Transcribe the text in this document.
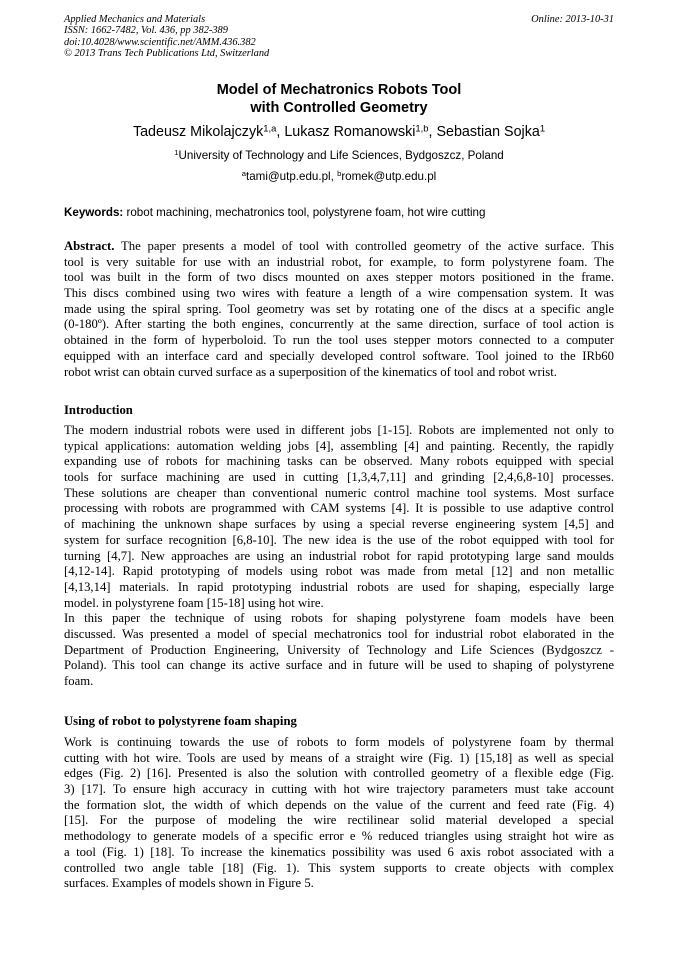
Applied Mechanics and Materials
ISSN: 1662-7482, Vol. 436, pp 382-389
doi:10.4028/www.scientific.net/AMM.436.382
© 2013 Trans Tech Publications Ltd, Switzerland
Online: 2013-10-31
Model of Mechatronics Robots Tool
with Controlled Geometry
Tadeusz Mikolajczyk$^{1,a}$, Lukasz Romanowski$^{1,b}$, Sebastian Sojka$^1$
$^1$University of Technology and Life Sciences, Bydgoszcz, Poland
$^a$tami@utp.edu.pl, $^b$romek@utp.edu.pl
Keywords: robot machining, mechatronics tool, polystyrene foam, hot wire cutting
Abstract. The paper presents a model of tool with controlled geometry of the active surface. This
tool is very suitable for use with an industrial robot, for example, to form polystyrene foam. The
tool was built in the form of two discs mounted on axes stepper motors positioned in the frame.
This discs combined using two wires with feature a length of a wire compensation system. It was
made using the spiral spring. Tool geometry was set by rotating one of the discs at a specific angle
(0-180º). After starting the both engines, concurrently at the same direction, surface of tool action is
obtained in the form of hyperboloid. To run the tool uses stepper motors connected to a computer
equipped with an interface card and specially developed control software. Tool joined to the IRb60
robot wrist can obtain curved surface as a superposition of the kinematics of tool and robot wrist.
Introduction
The modern industrial robots were used in different jobs [1-15]. Robots are implemented not only to
typical applications: automation welding jobs [4], assembling [4] and painting. Recently, the rapidly
expanding use of robots for machining tasks can be observed. Many robots equipped with special
tools for surface machining are used in cutting [1,3,4,7,11] and grinding [2,4,6,8-10] processes.
These solutions are cheaper than conventional numeric control machine tool systems. Most surface
processing with robots are programmed with CAM systems [4]. It is possible to use adaptive control
of machining the unknown shape surfaces by using a special reverse engineering system [4,5] and
system for surface recognition [6,8-10]. The new idea is the use of the robot equipped with tool for
turning [4,7]. New approaches are using an industrial robot for rapid prototyping large sand moulds
[4,12-14]. Rapid prototyping of models using robot was made from metal [12] and non metallic
[4,13,14] materials. In rapid prototyping industrial robots are used for shaping, especially large
model. in polystyrene foam [15-18] using hot wire.
In this paper the technique of using robots for shaping polystyrene foam models have been
discussed. Was presented a model of special mechatronics tool for industrial robot elaborated in the
Department of Production Engineering, University of Technology and Life Sciences (Bydgoszcz -
Poland). This tool can change its active surface and in future will be used to shaping of polystyrene
foam.
Using of robot to polystyrene foam shaping
Work is continuing towards the use of robots to form models of polystyrene foam by thermal
cutting with hot wire. Tools are used by means of a straight wire (Fig. 1) [15,18] as well as special
edges (Fig. 2) [16]. Presented is also the solution with controlled geometry of a flexible edge (Fig.
3) [17]. To ensure high accuracy in cutting with hot wire trajectory parameters must take account
the formation slot, the width of which depends on the value of the current and feed rate (Fig. 4)
[15]. For the purpose of modeling the wire rectilinear solid material developed a special
methodology to generate models of a specific error e % reduced triangles using straight hot wire as
a tool (Fig. 1) [18]. To increase the kinematics possibility was used 6 axis robot associated with a
controlled two angle table [18] (Fig. 1). This system supports to create objects with complex
surfaces. Examples of models shown in Figure 5.
